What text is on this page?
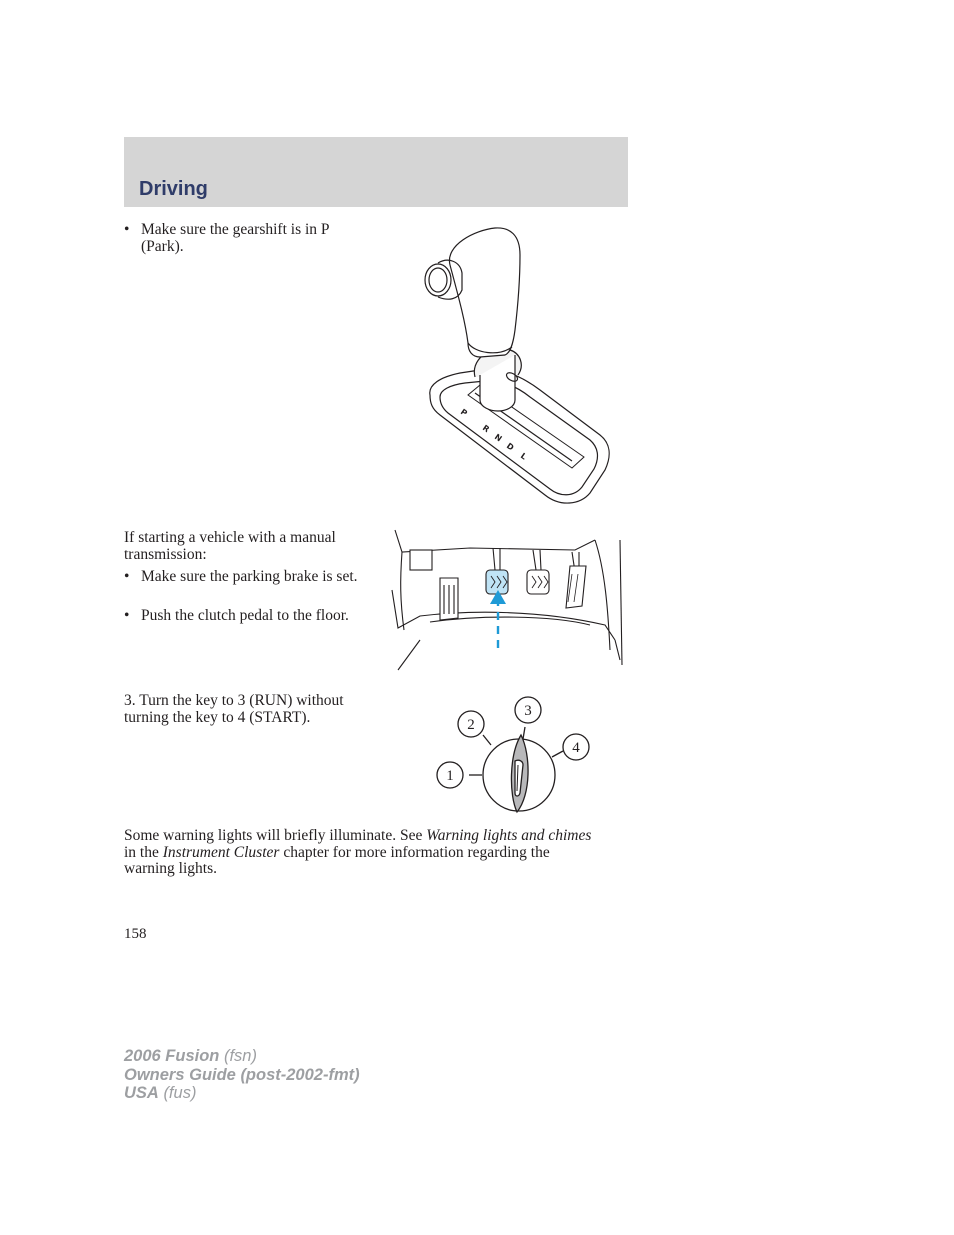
Driving
• Make sure the gearshift is in P (Park).
P
R
N
D
L
If starting a vehicle with a manual transmission:
• Make sure the parking brake is set.
• Push the clutch pedal to the floor.
3. Turn the key to 3 (RUN) without turning the key to 4 (START).
1
2
3
4
Some warning lights will briefly illuminate. See Warning lights and chimes in the Instrument Cluster chapter for more information regarding the warning lights.
158
2006 Fusion (fsn)
Owners Guide (post-2002-fmt)
USA (fus)
